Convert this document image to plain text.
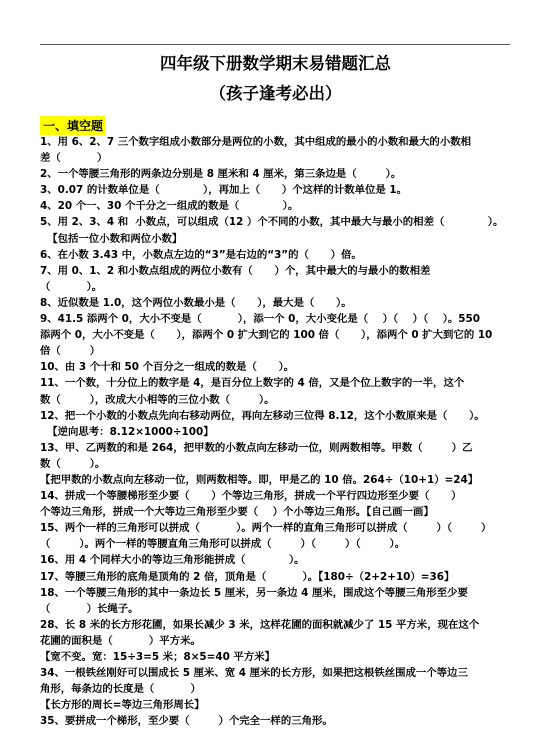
四年级下册数学期末易错题汇总
（孩子逢考必出）
一、填空题
1、用 6、2、7 三个数字组成小数部分是两位的小数，其中组成的最小的小数和最大的小数相
差（          ）
2、一个等腰三角形的两条边分别是 8 厘米和 4 厘米，第三条边是（        ）。
3、0.07 的计数单位是（            ），再加上（      ）个这样的计数单位是 1。
4、20 个一、30 个千分之一组成的数是（            ）。
5、用 2、3、4 和  小数点，可以组成（12 ）个不同的小数，其中最大与最小的相差（            ）。
【包括一位小数和两位小数】
6、在小数 3.43 中，小数点左边的“3”是右边的“3”的（      ）倍。
7、用 0、1、2 和小数点组成的两位小数有（      ）个，其中最大的与最小的数相差
（          ）。
8、近似数是 1.0，这个两位小数最小是（      ），最大是（      ）。
9、41.5 添两个 0，大小不变是（          ），添一个 0，大小变化是（    ）（    ）（    ）。550
添两个 0，大小不变是（      ），添两个 0 扩大到它的 100 倍（      ），添两个 0 扩大到它的 10
倍（        ）
10、由 3 个十和 50 个百分之一组成的数是（      ）。
11、一个数，十分位上的数字是 4，是百分位上数字的 4 倍，又是个位上数字的一半，这个
数（        ），改成大小相等的三位小数（        ）。
12、把一个小数的小数点先向右移动两位，再向左移动三位得 8.12，这个小数原来是（      ）。
【逆向思考：8.12×1000÷100】
13、甲、乙两数的和是 264，把甲数的小数点向左移动一位，则两数相等。甲数（        ）乙
数（        ）。
【把甲数的小数点向左移动一位，则两数相等。即，甲是乙的 10 倍。264÷（10+1）=24】
14、拼成一个等腰梯形至少要（      ）个等边三角形，拼成一个平行四边形至少要（      ）
个等边三角形，拼成一个大等边三角形至少要（    ）个小等边三角形。【自己画一画】
15、两个一样的三角形可以拼成（          ）。两个一样的直角三角形可以拼成（        ）（        ）
（        ）。两个一样的等腰直角三角形可以拼成（        ）（        ）（        ）。
16、用 4 个同样大小的等边三角形能拼成（            ）。
17、等腰三角形的底角是顶角的 2 倍，顶角是（          ）。【180÷（2+2+10）=36】
18、一个等腰三角形的其中一条边长 5 厘米，另一条边 4 厘米，围成这个等腰三角形至少要
（          ）长绳子。
28、长 8 米的长方形花圃，如果长减少 3 米，这样花圃的面积就减少了 15 平方米，现在这个
花圃的面积是（          ）平方米。
【宽不变。宽：15÷3=5 米；8×5=40 平方米】
34、一根铁丝刚好可以围成长 5 厘米、宽 4 厘米的长方形，如果把这根铁丝围成一个等边三
角形，每条边的长度是（          ）
【长方形的周长=等边三角形周长】
35、要拼成一个梯形，至少要（        ）个完全一样的三角形。
